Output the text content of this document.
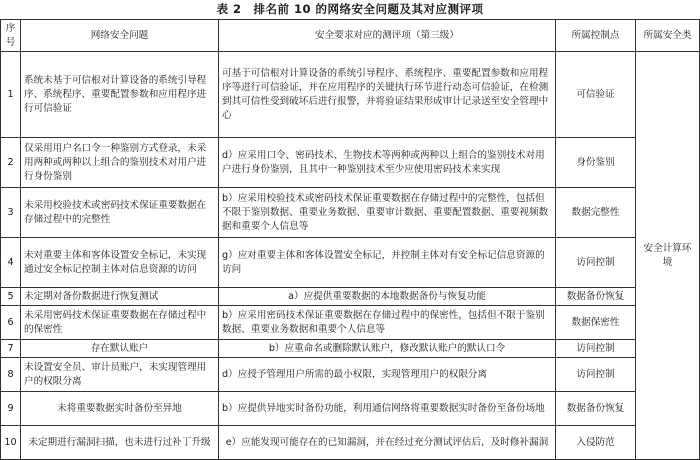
表 2　排名前 10 的网络安全问题及其对应测评项
序号	网络安全问题	安全要求对应的测评项（第三级）	所属控制点	所属安全类
1	系统未基于可信根对计算设备的系统引导程序、系统程序、重要配置参数和应用程序进行可信验证	可基于可信根对计算设备的系统引导程序、系统程序、重要配置参数和应用程序等进行可信验证，并在应用程序的关键执行环节进行动态可信验证，在检测到其可信性受到破坏后进行报警，并将验证结果形成审计记录送至安全管理中心	可信验证	安全计算环境
2	仅采用用户名口令一种鉴别方式登录，未采用两种或两种以上组合的鉴别技术对用户进行身份鉴别	d）应采用口令、密码技术、生物技术等两种或两种以上组合的鉴别技术对用户进行身份鉴别，且其中一种鉴别技术至少应使用密码技术来实现	身份鉴别	
3	未采用校验技术或密码技术保证重要数据在存储过程中的完整性	b）应采用校验技术或密码技术保证重要数据在存储过程中的完整性，包括但不限于鉴别数据、重要业务数据、重要审计数据、重要配置数据、重要视频数据和重要个人信息等	数据完整性	
4	未对重要主体和客体设置安全标记，未实现通过安全标记控制主体对信息资源的访问	g）应对重要主体和客体设置安全标记，并控制主体对有安全标记信息资源的访问	访问控制	
5	未定期对备份数据进行恢复测试	a）应提供重要数据的本地数据备份与恢复功能	数据备份恢复	
6	未采用密码技术保证重要数据在存储过程中的保密性	b）应采用密码技术保证重要数据在存储过程中的保密性，包括但不限于鉴别数据、重要业务数据和重要个人信息等	数据保密性	
7	存在默认账户	b）应重命名或删除默认账户，修改默认账户的默认口令	访问控制	
8	未设置安全员、审计员账户，未实现管理用户的权限分离	d）应授予管理用户所需的最小权限，实现管理用户的权限分离	访问控制	
9	未将重要数据实时备份至异地	b）应提供异地实时备份功能，利用通信网络将重要数据实时备份至备份场地	数据备份恢复	
10	未定期进行漏洞扫描，也未进行过补丁升级	e）应能发现可能存在的已知漏洞，并在经过充分测试评估后，及时修补漏洞	入侵防范	
